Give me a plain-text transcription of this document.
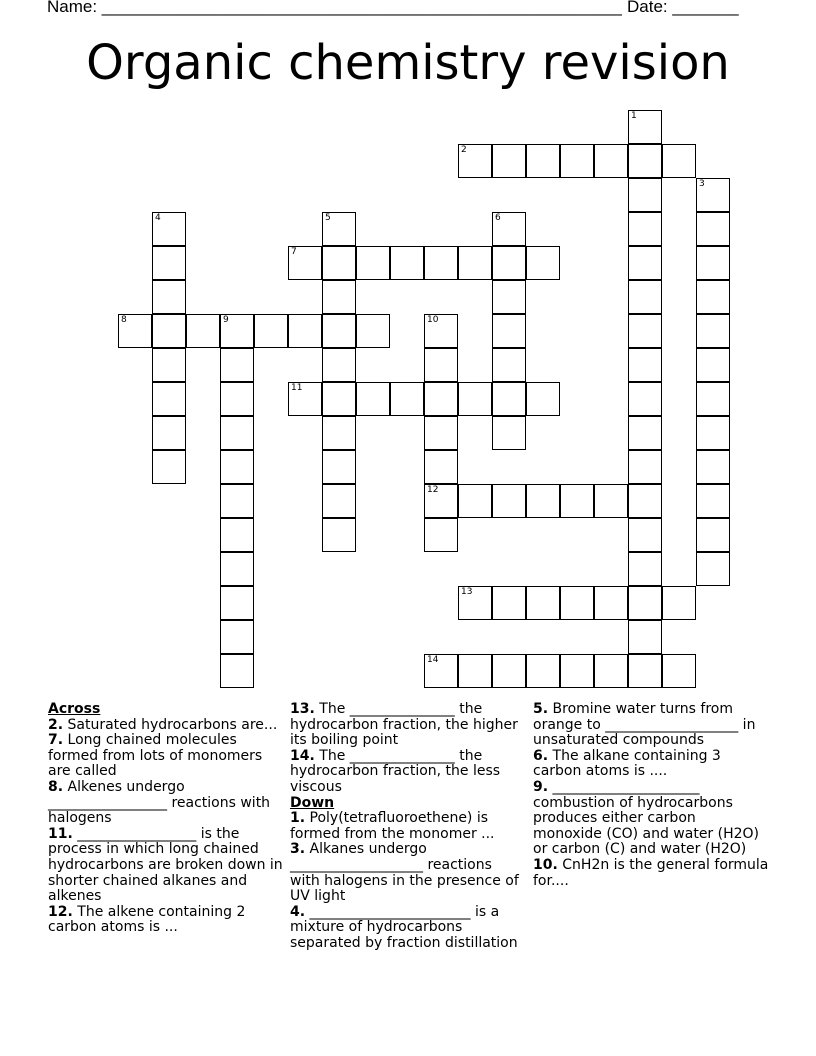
Name: _______________________________________________________ Date: _______
Organic chemistry revision
1
2
3
4	5	6
7
8	9	10
12
11
13
14

Across

2. Saturated hydrocarbons are...

7. Long chained molecules formed from lots of monomers are called

8. Alkenes undergo _________________ reactions with halogens

11. _________________ is the process in which long chained hydrocarbons are broken down in shorter chained alkanes and alkenes

12. The alkene containing 2 carbon atoms is ...

13. The _______________ the hydrocarbon fraction, the higher its boiling point

14. The _______________ the hydrocarbon fraction, the less viscous

Down

1. Poly(tetrafluoroethene) is formed from the monomer ...

3. Alkanes undergo ___________________ reactions with halogens in the presence of UV light

4. _______________________ is a mixture of hydrocarbons separated by fraction distillation

5. Bromine water turns from orange to ___________________ in unsaturated compounds

6. The alkane containing 3 carbon atoms is ....

9. _____________________ combustion of hydrocarbons produces either carbon monoxide (CO) and water (H2O) or carbon (C) and water (H2O)

10. CnH2n is the general formula for....
